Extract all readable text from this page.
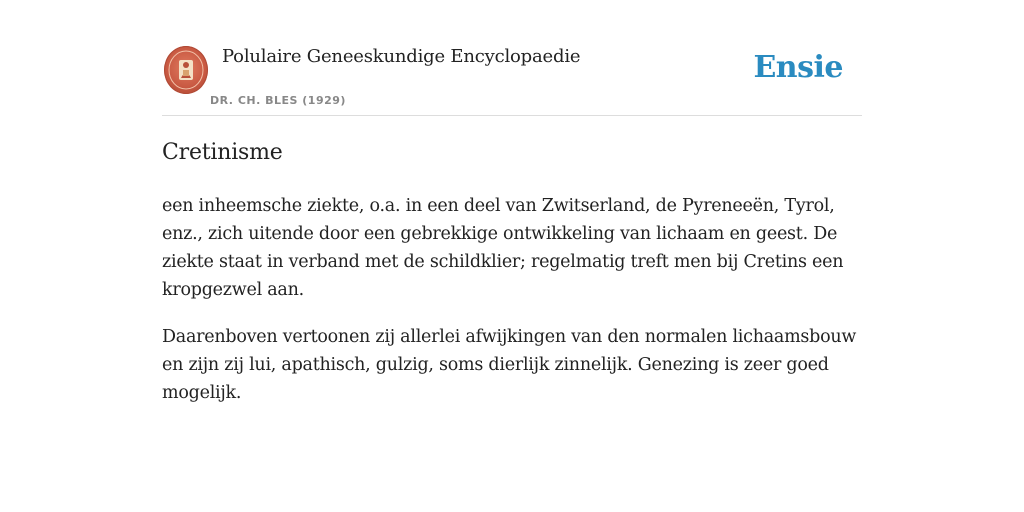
Polulaire Geneeskundige Encyclopaedie
DR. CH. BLES (1929)
Ensie
Cretinisme

een inheemsche ziekte, o.a. in een deel van Zwitserland, de Pyreneeën, Tyrol, enz., zich uitende door een gebrekkige ontwikkeling van lichaam en geest. De ziekte staat in verband met de schildklier; regelmatig treft men bij Cretins een kropgezwel aan.

Daarenboven vertoonen zij allerlei afwijkingen van den normalen lichaamsbouw en zijn zij lui, apathisch, gulzig, soms dierlijk zinnelijk. Genezing is zeer goed mogelijk.
